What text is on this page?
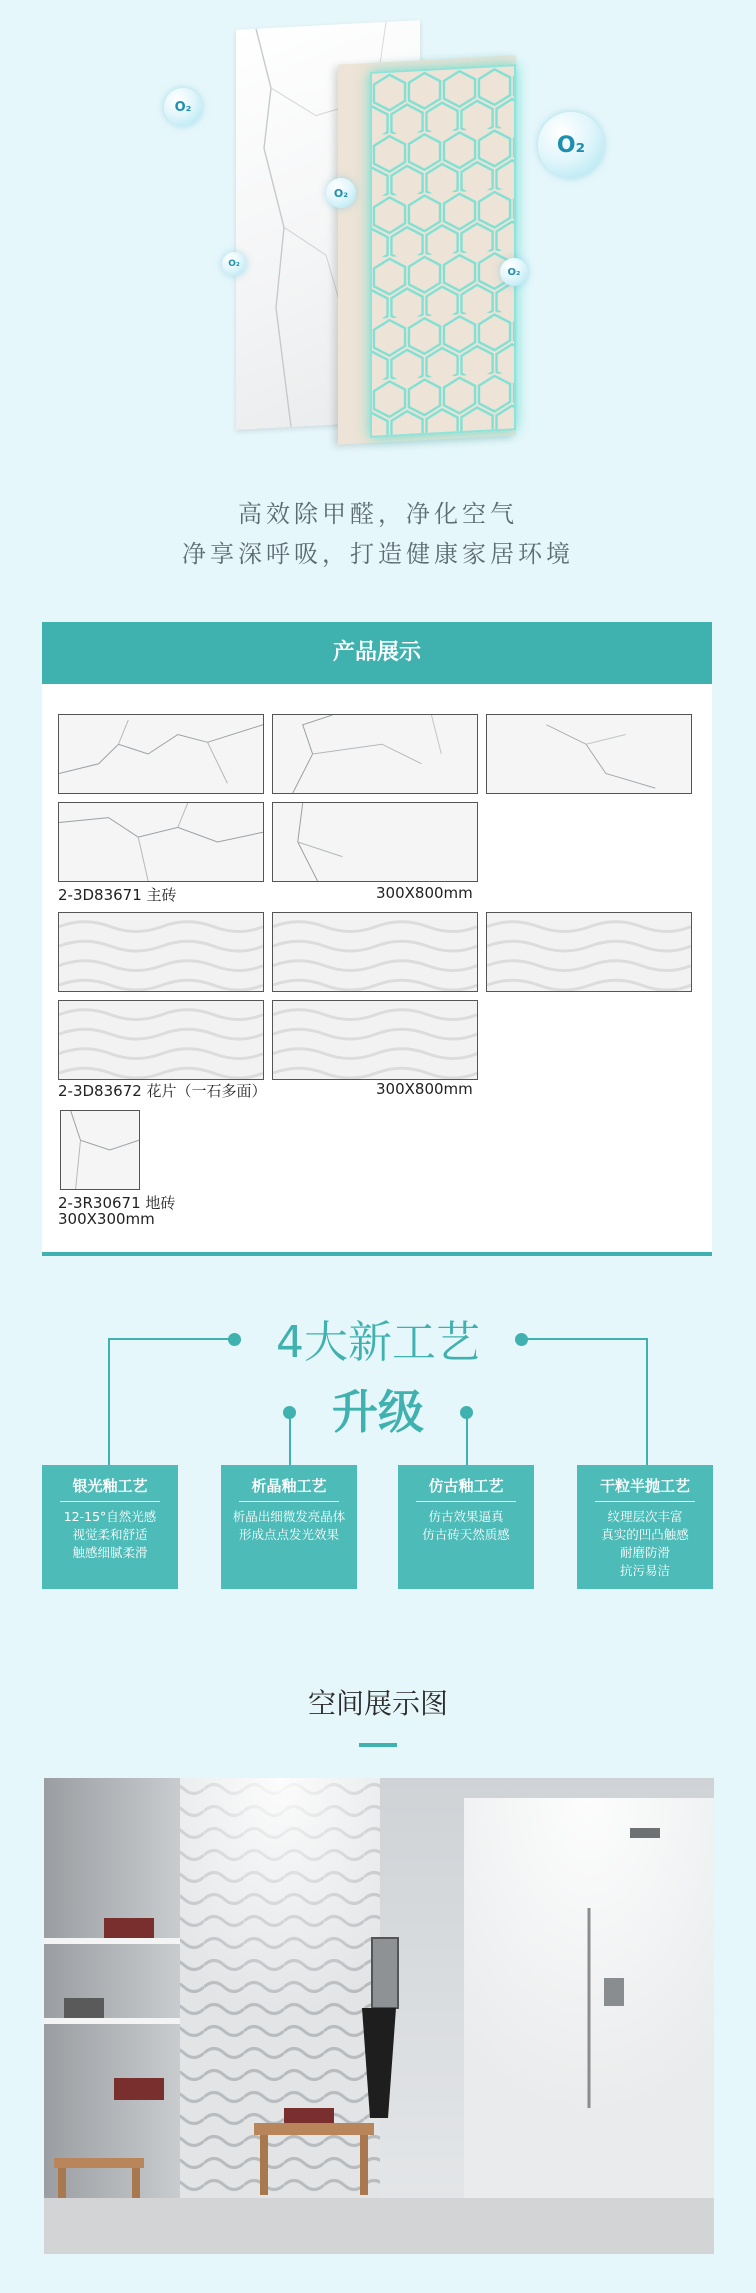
O₂
O₂
O₂
O₂
O₂
高效除甲醛，净化空气
净享深呼吸，打造健康家居环境
产品展示
2-3D83671 主砖	300X800mm
2-3D83672 花片（一石多面）	300X800mm
2-3R30671 地砖
300X300mm
4大新工艺
升级
银光釉工艺
12-15°自然光感
视觉柔和舒适
触感细腻柔滑
析晶釉工艺
析晶出细微发亮晶体
形成点点发光效果
仿古釉工艺
仿古效果逼真
仿古砖天然质感
干粒半抛工艺
纹理层次丰富
真实的凹凸触感
耐磨防滑
抗污易洁
空间展示图
